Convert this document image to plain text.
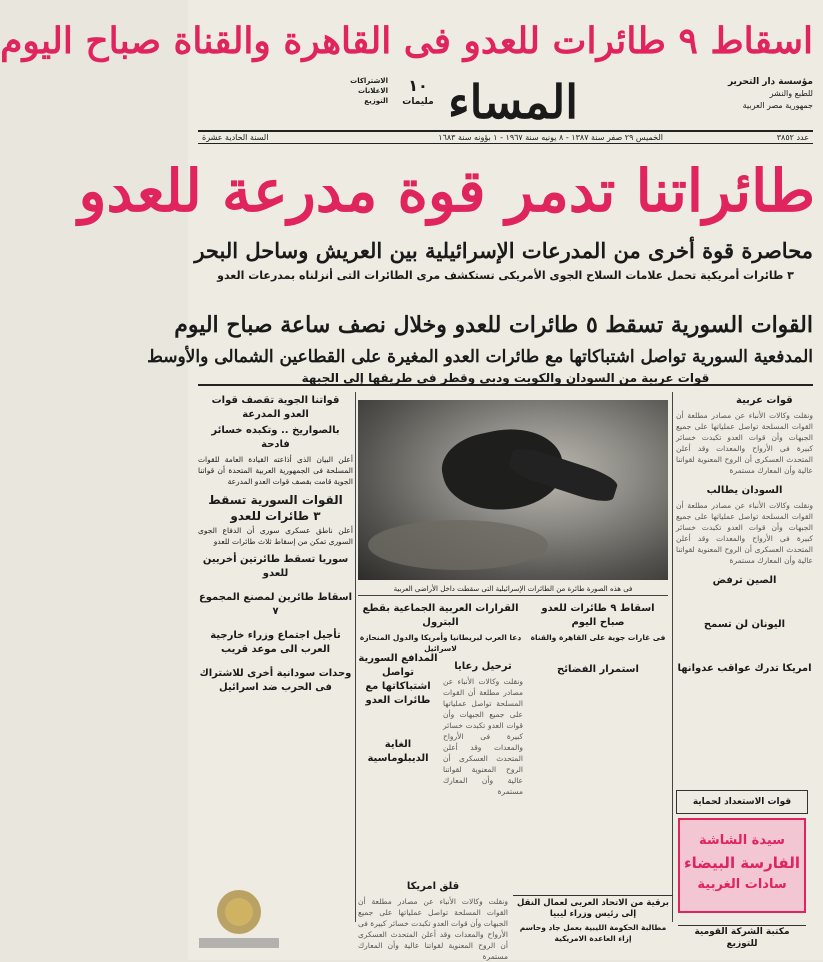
اسقاط ٩ طائرات للعدو فى القاهرة والقناة صباح اليوم
مؤسسة دار التحرير
للطبع والنشر
جمهورية مصر العربية
المساء
١٠
مليمات
الاشتراكات
الاعلانات
التوزيع
عدد ٣٨٥٢
الخميس ٢٩ صفر سنة ١٣٨٧ - ٨ يونيه سنة ١٩٦٧ - ١ بؤونه سنة ١٦٨٣
السنة الحادية عشرة
طائراتنا تدمر قوة مدرعة للعدو
محاصرة قوة أخرى من المدرعات الإسرائيلية بين العريش وساحل البحر
٣ طائرات أمريكية تحمل علامات السلاح الجوى الأمريكى تستكشف مرى الطائرات التى أنزلناه بمدرعات العدو
القوات السورية تسقط ٥ طائرات للعدو وخلال نصف ساعة صباح اليوم
المدفعية السورية تواصل اشتباكاتها مع طائرات العدو المغيرة على القطاعين الشمالى والأوسط
قوات عربية من السودان والكويت ودبى وقطر فى طريقها إلى الجبهة
قواتنا الجوية تقصف قوات العدو المدرعة
بالصواريخ .. وتكبده خسائر فادحة

أعلن البيان الذى أذاعته القيادة العامة للقوات المسلحة فى الجمهورية العربية المتحدة أن قواتنا الجوية قامت بقصف قوات العدو المدرعة

القوات السورية تسقط
٣ طائرات للعدو

أعلن ناطق عسكرى سورى أن الدفاع الجوى السورى تمكن من إسقاط ثلاث طائرات للعدو

سوريا تسقط طائرتين أخريين للعدو
اسقاط طائرين لمصنع المجموع ٧
تأجيل اجتماع وزراء خارجية العرب الى موعد قريب
وحدات سودانية أخرى للاشتراك فى الحرب ضد اسرائيل
فى هذه الصورة طائرة من الطائرات الإسرائيلية التى سقطت داخل الأراضى العربية
اسقاط ٩ طائرات للعدو صباح اليوم

فى غارات جوية على القاهرة والقناة

استمرار الفضائح
القرارات العربية الجماعية بقطع البترول

دعا العرب لبريطانيا وأمريكا والدول المنحازة لاسرائيل

المدافع السورية تواصل اشتباكاتها مع طائرات العدو
الغاية الديبلوماسية
ترحيل رعايا

ونقلت وكالات الأنباء عن مصادر مطلعة أن القوات المسلحة تواصل عملياتها على جميع الجبهات وأن قوات العدو تكبدت خسائر كبيرة فى الأرواح والمعدات وقد أعلن المتحدث العسكرى أن الروح المعنوية لقواتنا عالية وأن المعارك مستمرة

قلق امريكا

ونقلت وكالات الأنباء عن مصادر مطلعة أن القوات المسلحة تواصل عملياتها على جميع الجبهات وأن قوات العدو تكبدت خسائر كبيرة فى الأرواح والمعدات وقد أعلن المتحدث العسكرى أن الروح المعنوية لقواتنا عالية وأن المعارك مستمرة

برقية من الاتحاد العربى لعمال النقل إلى رئيس وزراء ليبيا

مطالبة الحكومة الليبية بعمل جاد وحاسم إزاء العاعدة الامريكية

قوات عربية

ونقلت وكالات الأنباء عن مصادر مطلعة أن القوات المسلحة تواصل عملياتها على جميع الجبهات وأن قوات العدو تكبدت خسائر كبيرة فى الأرواح والمعدات وقد أعلن المتحدث العسكرى أن الروح المعنوية لقواتنا عالية وأن المعارك مستمرة

السودان يطالب

ونقلت وكالات الأنباء عن مصادر مطلعة أن القوات المسلحة تواصل عملياتها على جميع الجبهات وأن قوات العدو تكبدت خسائر كبيرة فى الأرواح والمعدات وقد أعلن المتحدث العسكرى أن الروح المعنوية لقواتنا عالية وأن المعارك مستمرة

الصين ترفض
اليونان لن تسمح
امريكا تدرك عواقب عدوانها
قوات الاستعداد لحماية
سيدة الشاشة
الفارسة البيضاء
سادات الغربية
مكتبة الشركة القومية للتوزيع
